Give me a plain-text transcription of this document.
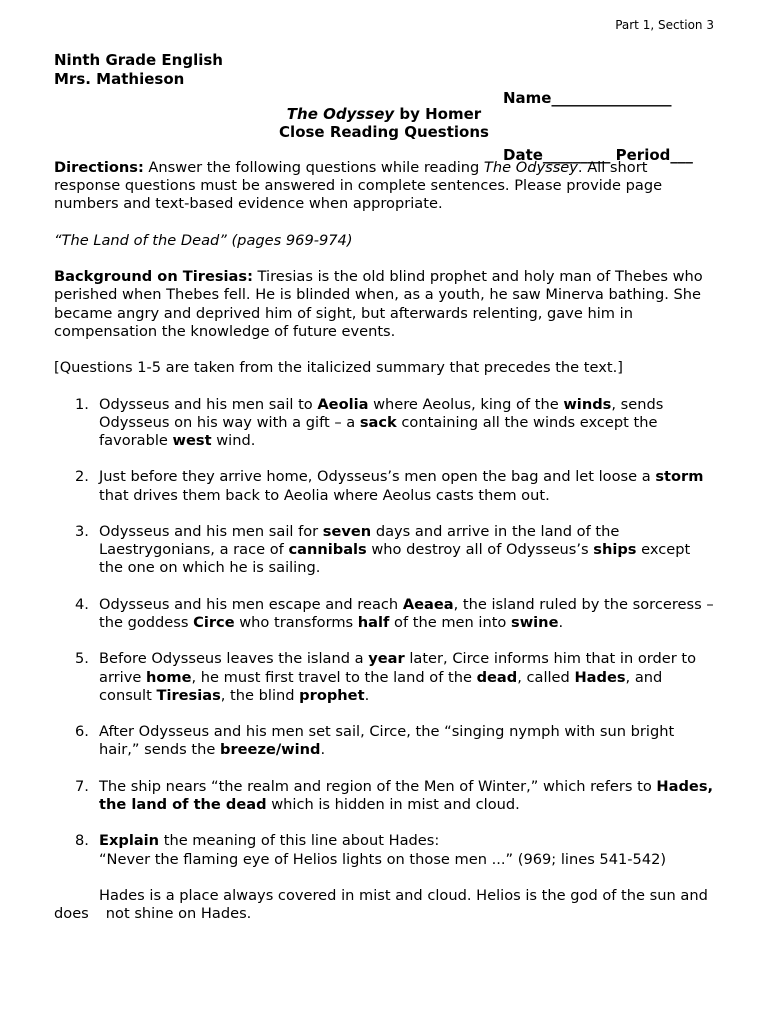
Part 1, Section 3
Ninth Grade English
Mrs. Mathieson

Name________________

Date_________ Period___

The Odyssey by Homer
Close Reading Questions

Directions: Answer the following questions while reading The Odyssey. All short response questions must be answered in complete sentences. Please provide page numbers and text-based evidence when appropriate.

“The Land of the Dead” (pages 969-974)

Background on Tiresias: Tiresias is the old blind prophet and holy man of Thebes who perished when Thebes fell. He is blinded when, as a youth, he saw Minerva bathing. She became angry and deprived him of sight, but afterwards relenting, gave him in compensation the knowledge of future events.

[Questions 1-5 are taken from the italicized summary that precedes the text.]

1. Odysseus and his men sail to Aeolia where Aeolus, king of the winds, sends Odysseus on his way with a gift – a sack containing all the winds except the favorable west wind.
2. Just before they arrive home, Odysseus’s men open the bag and let loose a storm that drives them back to Aeolia where Aeolus casts them out.
3. Odysseus and his men sail for seven days and arrive in the land of the Laestrygonians, a race of cannibals who destroy all of Odysseus’s ships except the one on which he is sailing.
4. Odysseus and his men escape and reach Aeaea, the island ruled by the sorceress – the goddess Circe who transforms half of the men into swine.
5. Before Odysseus leaves the island a year later, Circe informs him that in order to arrive home, he must first travel to the land of the dead, called Hades, and consult Tiresias, the blind prophet.
6. After Odysseus and his men set sail, Circe, the “singing nymph with sun bright hair,” sends the breeze/wind.
7. The ship nears “the realm and region of the Men of Winter,” which refers to Hades, the land of the dead which is hidden in mist and cloud.
8. Explain the meaning of this line about Hades:
“Never the flaming eye of Helios lights on those men ...” (969; lines 541-542)

Hades is a place always covered in mist and cloud. Helios is the god of the sun and does not shine on Hades.
